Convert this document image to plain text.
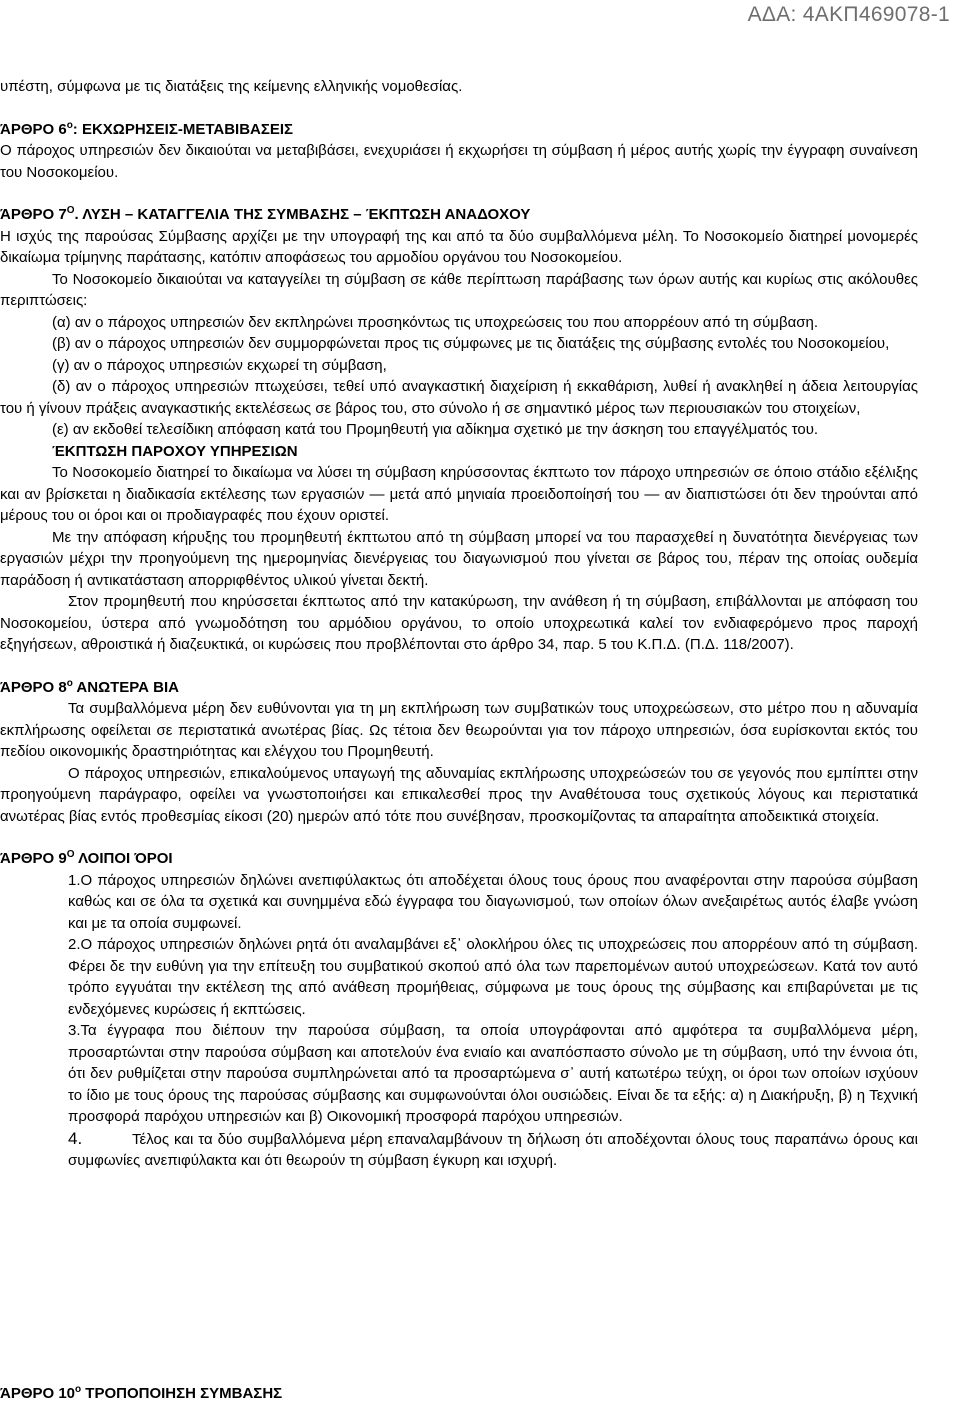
ΑΔΑ: 4ΑΚΠ469078-1

υπέστη, σύμφωνα με τις διατάξεις της κείμενης ελληνικής νομοθεσίας.

ΆΡΘΡΟ $6^o$: ΕΚΧΩΡΗΣΕΙΣ-ΜΕΤΑΒΙΒΑΣΕΙΣ

Ο πάροχος υπηρεσιών δεν δικαιούται να μεταβιβάσει, ενεχυριάσει ή εκχωρήσει τη σύμβαση ή μέρος αυτής χωρίς την έγγραφη συναίνεση του Νοσοκομείου.

ΆΡΘΡΟ $7^O$. ΛΥΣΗ – ΚΑΤΑΓΓΕΛΙΑ ΤΗΣ ΣΥΜΒΑΣΗΣ – ΈΚΠΤΩΣΗ ΑΝΑΔΟΧΟΥ

Η ισχύς της παρούσας Σύμβασης αρχίζει με την υπογραφή της και από τα δύο συμβαλλόμενα μέλη. Το Νοσοκομείο διατηρεί μονομερές δικαίωμα τρίμηνης παράτασης, κατόπιν αποφάσεως του αρμοδίου οργάνου του Νοσοκομείου.

Το Νοσοκομείο δικαιούται να καταγγείλει τη σύμβαση σε κάθε περίπτωση παράβασης των όρων αυτής και κυρίως στις ακόλουθες περιπτώσεις:

(α) αν ο πάροχος υπηρεσιών δεν εκπληρώνει προσηκόντως τις υποχρεώσεις του που απορρέουν από τη σύμβαση.

(β) αν ο πάροχος υπηρεσιών δεν συμμορφώνεται προς τις σύμφωνες με τις διατάξεις της σύμβασης εντολές του Νοσοκομείου,

(γ) αν ο πάροχος υπηρεσιών εκχωρεί τη σύμβαση,

(δ) αν ο πάροχος υπηρεσιών πτωχεύσει, τεθεί υπό αναγκαστική διαχείριση ή εκκαθάριση, λυθεί ή ανακληθεί η άδεια λειτουργίας του ή γίνουν πράξεις αναγκαστικής εκτελέσεως σε βάρος του, στο σύνολο ή σε σημαντικό μέρος των περιουσιακών του στοιχείων,

(ε) αν εκδοθεί τελεσίδικη απόφαση κατά του Προμηθευτή για αδίκημα σχετικό με την άσκηση του επαγγέλματός του.

ΈΚΠΤΩΣΗ ΠΑΡΟΧΟΥ ΥΠΗΡΕΣΙΩΝ

Το Νοσοκομείο διατηρεί το δικαίωμα να λύσει τη σύμβαση κηρύσσοντας έκπτωτο τον πάροχο υπηρεσιών σε όποιο στάδιο εξέλιξης και αν βρίσκεται η διαδικασία εκτέλεσης των εργασιών — μετά από μηνιαία προειδοποίησή του — αν διαπιστώσει ότι δεν τηρούνται από μέρους του οι όροι και οι προδιαγραφές που έχουν οριστεί.

Με την απόφαση κήρυξης του προμηθευτή έκπτωτου από τη σύμβαση μπορεί να του παρασχεθεί η δυνατότητα διενέργειας των εργασιών μέχρι την προηγούμενη της ημερομηνίας διενέργειας του διαγωνισμού που γίνεται σε βάρος του, πέραν της οποίας ουδεμία παράδοση ή αντικατάσταση απορριφθέντος υλικού γίνεται δεκτή.

Στον προμηθευτή που κηρύσσεται έκπτωτος από την κατακύρωση, την ανάθεση ή τη σύμβαση, επιβάλλονται με απόφαση του Νοσοκομείου, ύστερα από γνωμοδότηση του αρμόδιου οργάνου, το οποίο υποχρεωτικά καλεί τον ενδιαφερόμενο προς παροχή εξηγήσεων, αθροιστικά ή διαζευκτικά, οι κυρώσεις που προβλέπονται στο άρθρο 34, παρ. 5 του Κ.Π.Δ. (Π.Δ. 118/2007).

ΆΡΘΡΟ $8^o$ ΑΝΩΤΕΡΑ ΒΙΑ

Τα συμβαλλόμενα μέρη δεν ευθύνονται για τη μη εκπλήρωση των συμβατικών τους υποχρεώσεων, στο μέτρο που η αδυναμία εκπλήρωσης οφείλεται σε περιστατικά ανωτέρας βίας. Ως τέτοια δεν θεωρούνται για τον πάροχο υπηρεσιών, όσα ευρίσκονται εκτός του πεδίου οικονομικής δραστηριότητας και ελέγχου του Προμηθευτή.

Ο πάροχος υπηρεσιών, επικαλούμενος υπαγωγή της αδυναμίας εκπλήρωσης υποχρεώσεών του σε γεγονός που εμπίπτει στην προηγούμενη παράγραφο, οφείλει να γνωστοποιήσει και επικαλεσθεί προς την Αναθέτουσα τους σχετικούς λόγους και περιστατικά ανωτέρας βίας εντός προθεσμίας είκοσι (20) ημερών από τότε που συνέβησαν, προσκομίζοντας τα απαραίτητα αποδεικτικά στοιχεία.

ΆΡΘΡΟ $9^O$ ΛΟΙΠΟΙ ΌΡΟΙ

1.Ο πάροχος υπηρεσιών δηλώνει ανεπιφύλακτως ότι αποδέχεται όλους τους όρους που αναφέρονται στην παρούσα σύμβαση καθώς και σε όλα τα σχετικά και συνημμένα εδώ έγγραφα του διαγωνισμού, των οποίων όλων ανεξαιρέτως αυτός έλαβε γνώση και με τα οποία συμφωνεί.

2.Ο πάροχος υπηρεσιών δηλώνει ρητά ότι αναλαμβάνει εξ᾽ ολοκλήρου όλες τις υποχρεώσεις που απορρέουν από τη σύμβαση. Φέρει δε την ευθύνη για την επίτευξη του συμβατικού σκοπού από όλα των παρεπομένων αυτού υποχρεώσεων. Κατά τον αυτό τρόπο εγγυάται την εκτέλεση της από ανάθεση προμήθειας, σύμφωνα με τους όρους της σύμβασης και επιβαρύνεται με τις ενδεχόμενες κυρώσεις ή εκπτώσεις.

3.Τα έγγραφα που διέπουν την παρούσα σύμβαση, τα οποία υπογράφονται από αμφότερα τα συμβαλλόμενα μέρη, προσαρτώνται στην παρούσα σύμβαση και αποτελούν ένα ενιαίο και αναπόσπαστο σύνολο με τη σύμβαση, υπό την έννοια ότι, ότι δεν ρυθμίζεται στην παρούσα συμπληρώνεται από τα προσαρτώμενα σ᾽ αυτή κατωτέρω τεύχη, οι όροι των οποίων ισχύουν το ίδιο με τους όρους της παρούσας σύμβασης και συμφωνούνται όλοι ουσιώδεις. Είναι δε τα εξής: α) η Διακήρυξη, β) η Τεχνική προσφορά παρόχου υπηρεσιών και β) Οικονομική προσφορά παρόχου υπηρεσιών.

4.	Τέλος και τα δύο συμβαλλόμενα μέρη επαναλαμβάνουν τη δήλωση ότι αποδέχονται όλους τους παραπάνω όρους και συμφωνίες ανεπιφύλακτα και ότι θεωρούν τη σύμβαση έγκυρη και ισχυρή.

ΆΡΘΡΟ $10^o$ ΤΡΟΠΟΠΟΙΗΣΗ ΣΥΜΒΑΣΗΣ
